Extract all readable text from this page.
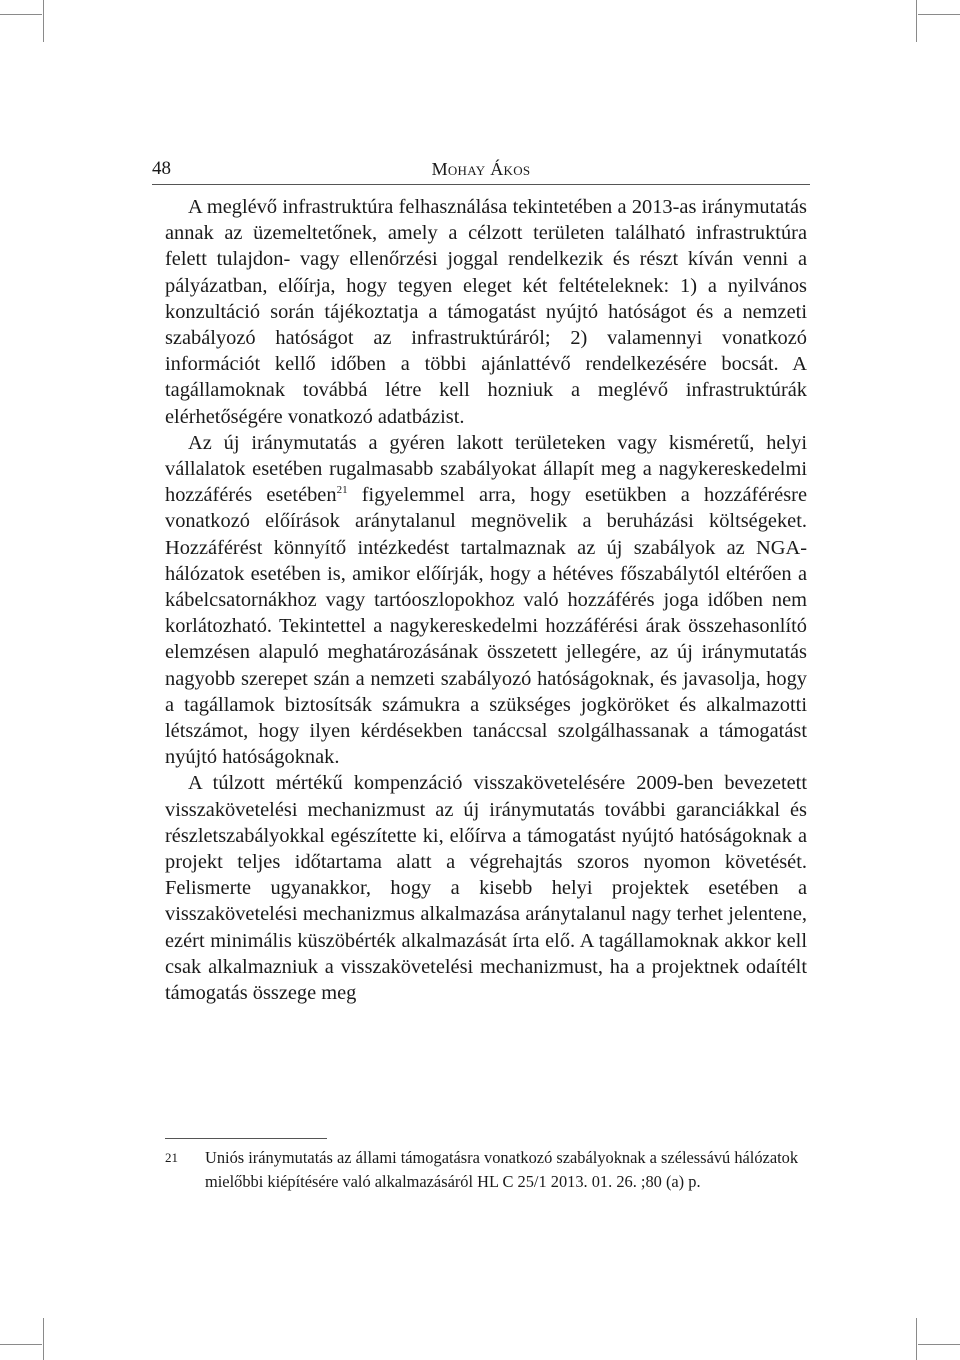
48	Mohay Ákos

A meglévő infrastruktúra felhasználása tekintetében a 2013-as iránymutatás annak az üzemeltetőnek, amely a célzott területen található infrastruktúra felett tulajdon- vagy ellenőrzési joggal rendelkezik és részt kíván venni a pályázatban, előírja, hogy tegyen eleget két feltételeknek: 1) a nyilvános konzultáció során tájékoztatja a támogatást nyújtó hatóságot és a nemzeti szabályozó hatóságot az infrastruktúráról; 2) valamennyi vonatkozó információt kellő időben a többi ajánlattévő rendelkezésére bocsát. A tagállamoknak továbbá létre kell hozniuk a meglévő infrastruktúrák elérhetőségére vonatkozó adatbázist.

Az új iránymutatás a gyéren lakott területeken vagy kisméretű, helyi vállalatok esetében rugalmasabb szabályokat állapít meg a nagykereskedelmi hozzáférés esetében$^{21}$ figyelemmel arra, hogy esetükben a hozzáférésre vonatkozó előírások aránytalanul megnövelik a beruházási költségeket. Hozzáférést könnyítő intézkedést tartalmaznak az új szabályok az NGA-hálózatok esetében is, amikor előírják, hogy a hétéves főszabálytól eltérően a kábelcsatornákhoz vagy tartóoszlopokhoz való hozzáférés joga időben nem korlátozható. Tekintettel a nagykereskedelmi hozzáférési árak összehasonlító elemzésen alapuló meghatározásának összetett jellegére, az új iránymutatás nagyobb szerepet szán a nemzeti szabályozó hatóságoknak, és javasolja, hogy a tagállamok biztosítsák számukra a szükséges jogköröket és alkalmazotti létszámot, hogy ilyen kérdésekben tanáccsal szolgálhassanak a támogatást nyújtó hatóságoknak.

A túlzott mértékű kompenzáció visszakövetelésére 2009-ben bevezetett visszakövetelési mechanizmust az új iránymutatás további garanciákkal és részletszabályokkal egészítette ki, előírva a támogatást nyújtó hatóságoknak a projekt teljes időtartama alatt a végrehajtás szoros nyomon követését. Felismerte ugyanakkor, hogy a kisebb helyi projektek esetében a visszakövetelési mechanizmus alkalmazása aránytalanul nagy terhet jelentene, ezért minimális küszöbérték alkalmazását írta elő. A tagállamoknak akkor kell csak alkalmazniuk a visszakövetelési mechanizmust, ha a projektnek odaítélt támogatás összege meg

21 Uniós iránymutatás az állami támogatásra vonatkozó szabályoknak a szélessávú hálózatok mielőbbi kiépítésére való alkalmazásáról HL C 25/1 2013. 01. 26. ;80 (a) p.
